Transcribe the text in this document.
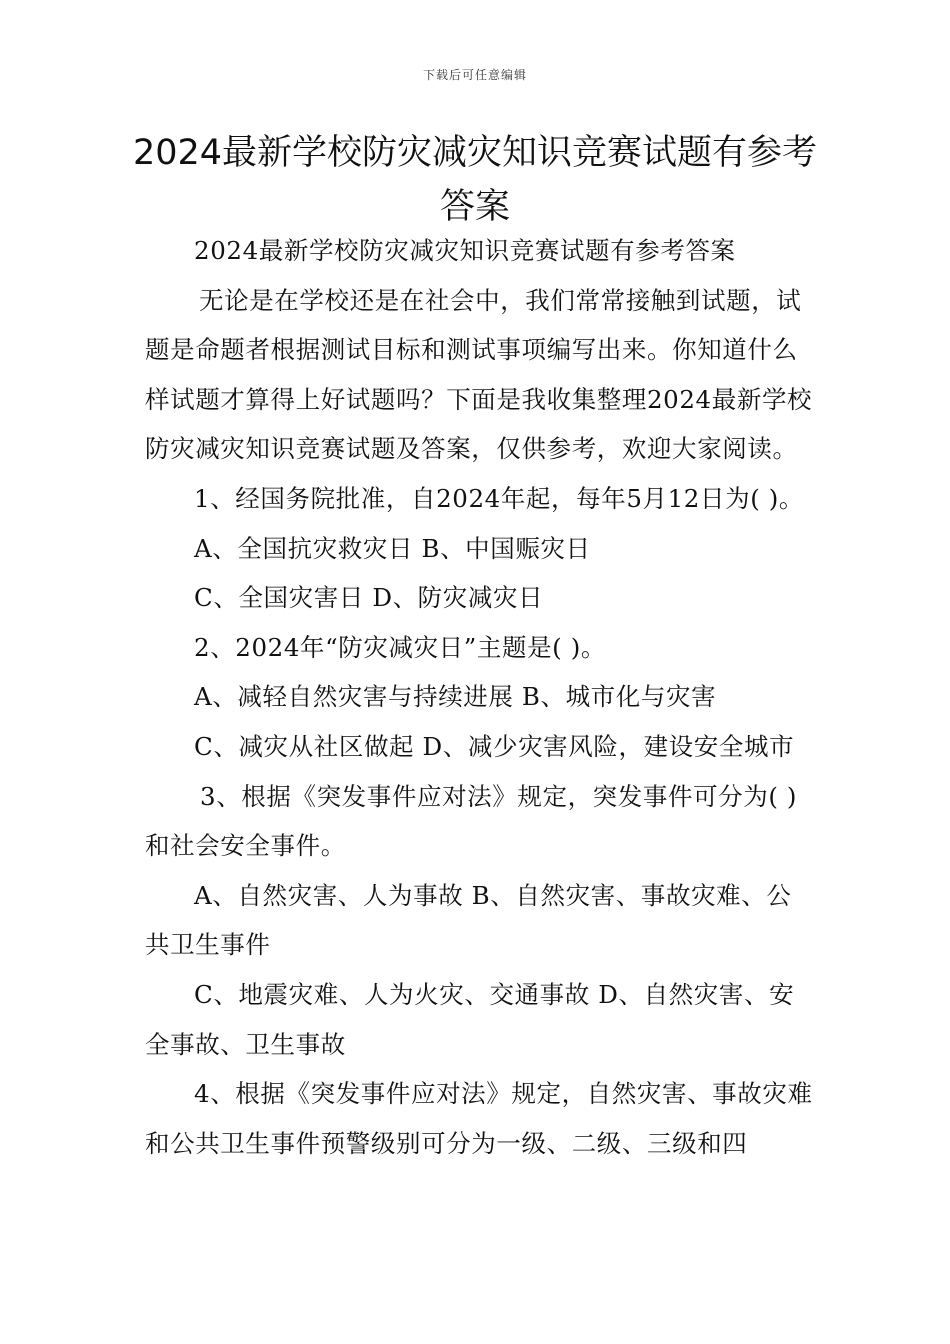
下载后可任意编辑
2024最新学校防灾减灾知识竞赛试题有参考答案

2024最新学校防灾减灾知识竞赛试题有参考答案

无论是在学校还是在社会中，我们常常接触到试题，试题是命题者根据测试目标和测试事项编写出来。你知道什么样试题才算得上好试题吗？下面是我收集整理2024最新学校防灾减灾知识竞赛试题及答案，仅供参考，欢迎大家阅读。

1、经国务院批准，自2024年起，每年5月12日为( )。

A、全国抗灾救灾日 B、中国赈灾日

C、全国灾害日 D、防灾减灾日

2、2024年“防灾减灾日”主题是( )。

A、减轻自然灾害与持续进展 B、城市化与灾害

C、减灾从社区做起 D、减少灾害风险，建设安全城市

3、根据《突发事件应对法》规定，突发事件可分为( )和社会安全事件。

A、自然灾害、人为事故 B、自然灾害、事故灾难、公共卫生事件

C、地震灾难、人为火灾、交通事故 D、自然灾害、安全事故、卫生事故

4、根据《突发事件应对法》规定，自然灾害、事故灾难和公共卫生事件预警级别可分为一级、二级、三级和四
